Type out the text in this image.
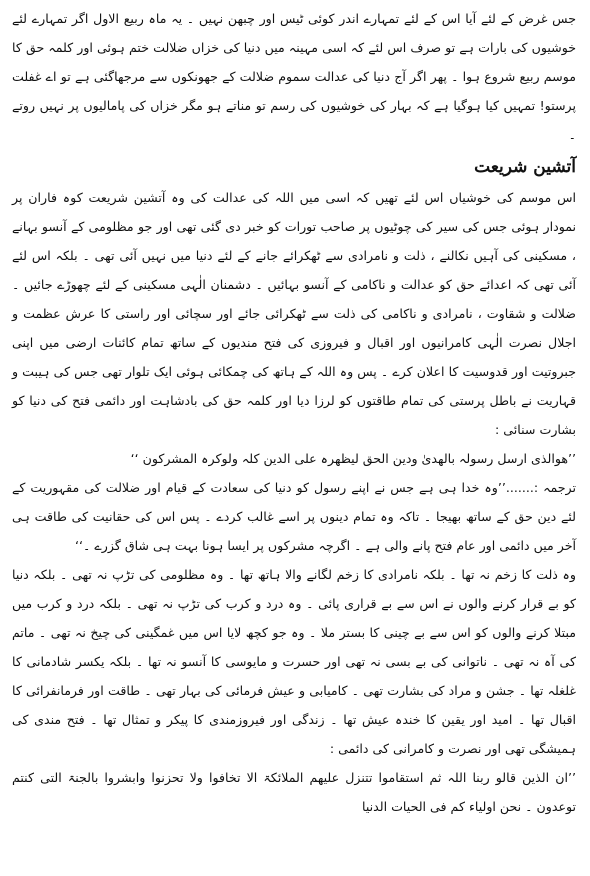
جس غرض کے لئے آیا اس کے لئے تمہارے اندر کوئی ٹیس اور چبھن نہیں ۔ یہ ماہ ربیع الاول اگر تمہارے لئے خوشیوں کی بارات ہے تو صرف اس لئے کہ اسی مہینہ میں دنیا کی خزاں ضلالت ختم ہوئی اور کلمہ حق کا موسم ربیع شروع ہوا ۔ پھر اگر آج دنیا کی عدالت سموم ضلالت کے جھونکوں سے مرجھاگئی ہے تو اے غفلت پرستو! تمہیں کیا ہوگیا ہے کہ بہار کی خوشیوں کی رسم تو مناتے ہو مگر خزاں کی پامالیوں پر نہیں روتے ۔

آتشین شریعت

اس موسم کی خوشیاں اس لئے تھیں کہ اسی میں اللہ کی عدالت کی وہ آتشین شریعت کوہ فاران پر نمودار ہوئی جس کی سیر کی چوٹیوں پر صاحب تورات کو خبر دی گئی تھی اور جو مظلومی کے آنسو بہانے ، مسکینی کی آہیں نکالنے ، ذلت و نامرادی سے ٹھکرائے جانے کے لئے دنیا میں نہیں آئی تھی ۔ بلکہ اس لئے آئی تھی کہ اعدائے حق کو عدالت و ناکامی کے آنسو بہائیں ۔ دشمنان الٰہی مسکینی کے لئے چھوڑے جائیں ۔ ضلالت و شقاوت ، نامرادی و ناکامی کی ذلت سے ٹھکرائی جائے اور سچائی اور راستی کا عرش عظمت و اجلال نصرت الٰہی کامرانیوں اور اقبال و فیروزی کی فتح مندیوں کے ساتھ تمام کائنات ارضی میں اپنی جبروتیت اور قدوسیت کا اعلان کرے ۔ پس وہ اللہ کے ہاتھ کی چمکائی ہوئی ایک تلوار تھی جس کی ہیبت و قہاریت نے باطل پرستی کی تمام طاقتوں کو لرزا دیا اور کلمہ حق کی بادشاہت اور دائمی فتح کی دنیا کو بشارت سنائی :

’’ھوالذی ارسل رسولہ بالھدیٰ ودین الحق لیظھرہ علی الدین کلہ ولوکرہ المشرکون ‘‘

ترجمہ :.......’’وہ خدا ہی ہے جس نے اپنے رسول کو دنیا کی سعادت کے قیام اور ضلالت کی مقہوریت کے لئے دین حق کے ساتھ بھیجا ۔ تاکہ وہ تمام دینوں پر اسے غالب کردے ۔ پس اس کی حقانیت کی طاقت ہی آخر میں دائمی اور عام فتح پانے والی ہے ۔ اگرچہ مشرکوں پر ایسا ہونا بہت ہی شاق گزرے ۔‘‘

وہ ذلت کا زخم نہ تھا ۔ بلکہ نامرادی کا زخم لگانے والا ہاتھ تھا ۔ وہ مظلومی کی تڑپ نہ تھی ۔ بلکہ دنیا کو بے قرار کرنے والوں نے اس سے بے قراری پائی ۔ وہ درد و کرب کی تڑپ نہ تھی ۔ بلکہ درد و کرب میں مبتلا کرنے والوں کو اس سے بے چینی کا بستر ملا ۔ وہ جو کچھ لایا اس میں غمگینی کی چیخ نہ تھی ۔ ماتم کی آہ نہ تھی ۔ ناتوانی کی بے بسی نہ تھی اور حسرت و مایوسی کا آنسو نہ تھا ۔ بلکہ یکسر شادمانی کا غلغلہ تھا ۔ جشن و مراد کی بشارت تھی ۔ کامیابی و عیش فرمائی کی بہار تھی ۔ طاقت اور فرمانفرائی کا اقبال تھا ۔ امید اور یقین کا خندہ عیش تھا ۔ زندگی اور فیروزمندی کا پیکر و تمثال تھا ۔ فتح مندی کی ہمیشگی تھی اور نصرت و کامرانی کی دائمی :

’’ان الذین قالو ربنا اللہ ثم استقاموا تتنزل علیھم الملائکۃ الا تخافوا ولا تحزنوا وابشروا بالجنۃ التی کنتم توعدون ۔ نحن اولیاء کم فی الحیات الدنیا
